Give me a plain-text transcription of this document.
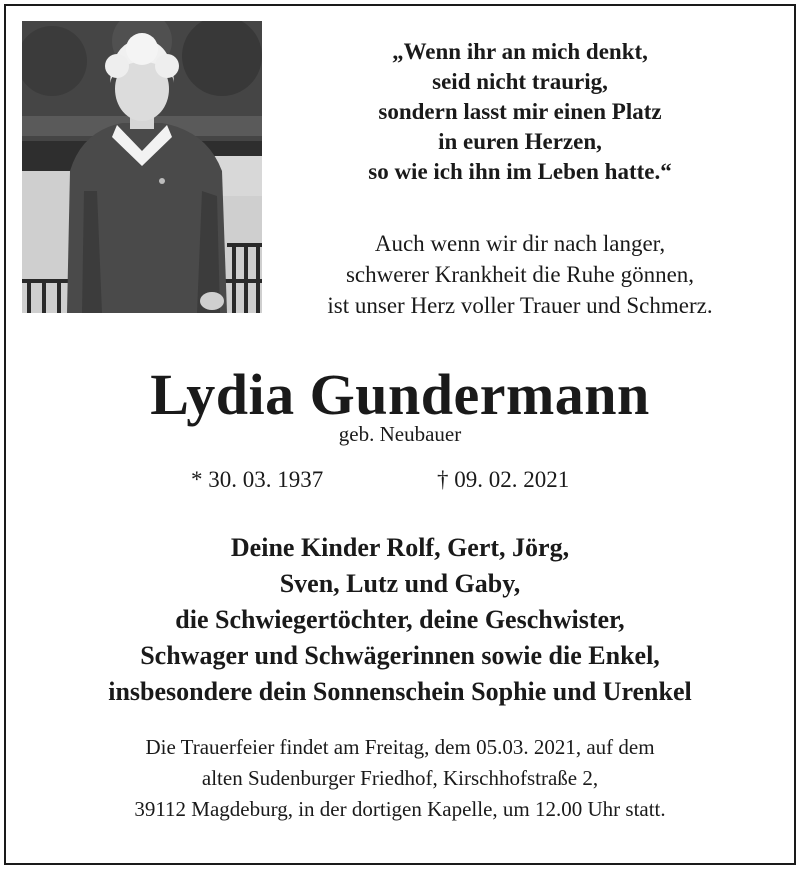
„Wenn ihr an mich denkt,
seid nicht traurig,
sondern lasst mir einen Platz
in euren Herzen,
so wie ich ihn im Leben hatte.“
Auch wenn wir dir nach langer,
schwerer Krankheit die Ruhe gönnen,
ist unser Herz voller Trauer und Schmerz.
Lydia Gundermann
geb. Neubauer
* 30. 03. 1937	† 09. 02. 2021
Deine Kinder Rolf, Gert, Jörg,
Sven, Lutz und Gaby,
die Schwiegertöchter, deine Geschwister,
Schwager und Schwägerinnen sowie die Enkel,
insbesondere dein Sonnenschein Sophie und Urenkel
Die Trauerfeier findet am Freitag, dem 05.03. 2021, auf dem
alten Sudenburger Friedhof, Kirschhofstraße 2,
39112 Magdeburg, in der dortigen Kapelle, um 12.00 Uhr statt.
